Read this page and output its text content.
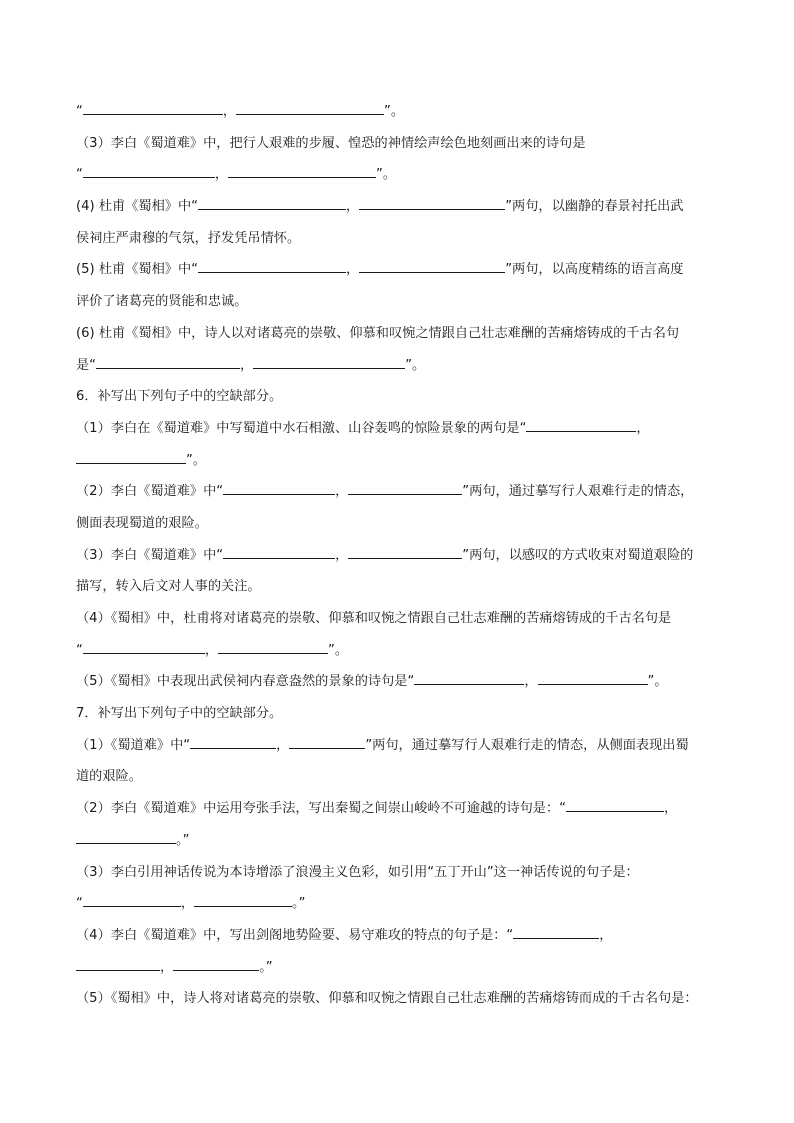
“	，	”。
（3）李白《蜀道难》中，把行人艰难的步履、惶恐的神情绘声绘色地刻画出来的诗句是
“	，	”。
(4) 杜甫《蜀相》中“	，	”两句，以幽静的春景衬托出武
侯祠庄严肃穆的气氛，抒发凭吊情怀。
(5) 杜甫《蜀相》中“	，	”两句，以高度精练的语言高度
评价了诸葛亮的贤能和忠诚。
(6) 杜甫《蜀相》中，诗人以对诸葛亮的崇敬、仰慕和叹惋之情跟自己壮志难酬的苦痛熔铸成的千古名句
是“	，	”。
6．补写出下列句子中的空缺部分。
（1）李白在《蜀道难》中写蜀道中水石相激、山谷轰鸣的惊险景象的两句是“	，
”。
（2）李白《蜀道难》中“	，	”两句，通过摹写行人艰难行走的情态，
侧面表现蜀道的艰险。
（3）李白《蜀道难》中“	，	”两句，以感叹的方式收束对蜀道艰险的
描写，转入后文对人事的关注。
（4）《蜀相》中，杜甫将对诸葛亮的崇敬、仰慕和叹惋之情跟自己壮志难酬的苦痛熔铸成的千古名句是
“	，	”。
（5）《蜀相》中表现出武侯祠内春意盎然的景象的诗句是“	，	”。
7．补写出下列句子中的空缺部分。
（1）《蜀道难》中“	，	”两句，通过摹写行人艰难行走的情态，从侧面表现出蜀
道的艰险。
（2）李白《蜀道难》中运用夸张手法，写出秦蜀之间崇山峻岭不可逾越的诗句是：“	，
。”
（3）李白引用神话传说为本诗增添了浪漫主义色彩，如引用“五丁开山”这一神话传说的句子是：
“	，	。”
（4）李白《蜀道难》中，写出剑阁地势险要、易守难攻的特点的句子是：“	，
，	。”
（5）《蜀相》中，诗人将对诸葛亮的崇敬、仰慕和叹惋之情跟自己壮志难酬的苦痛熔铸而成的千古名句是：
